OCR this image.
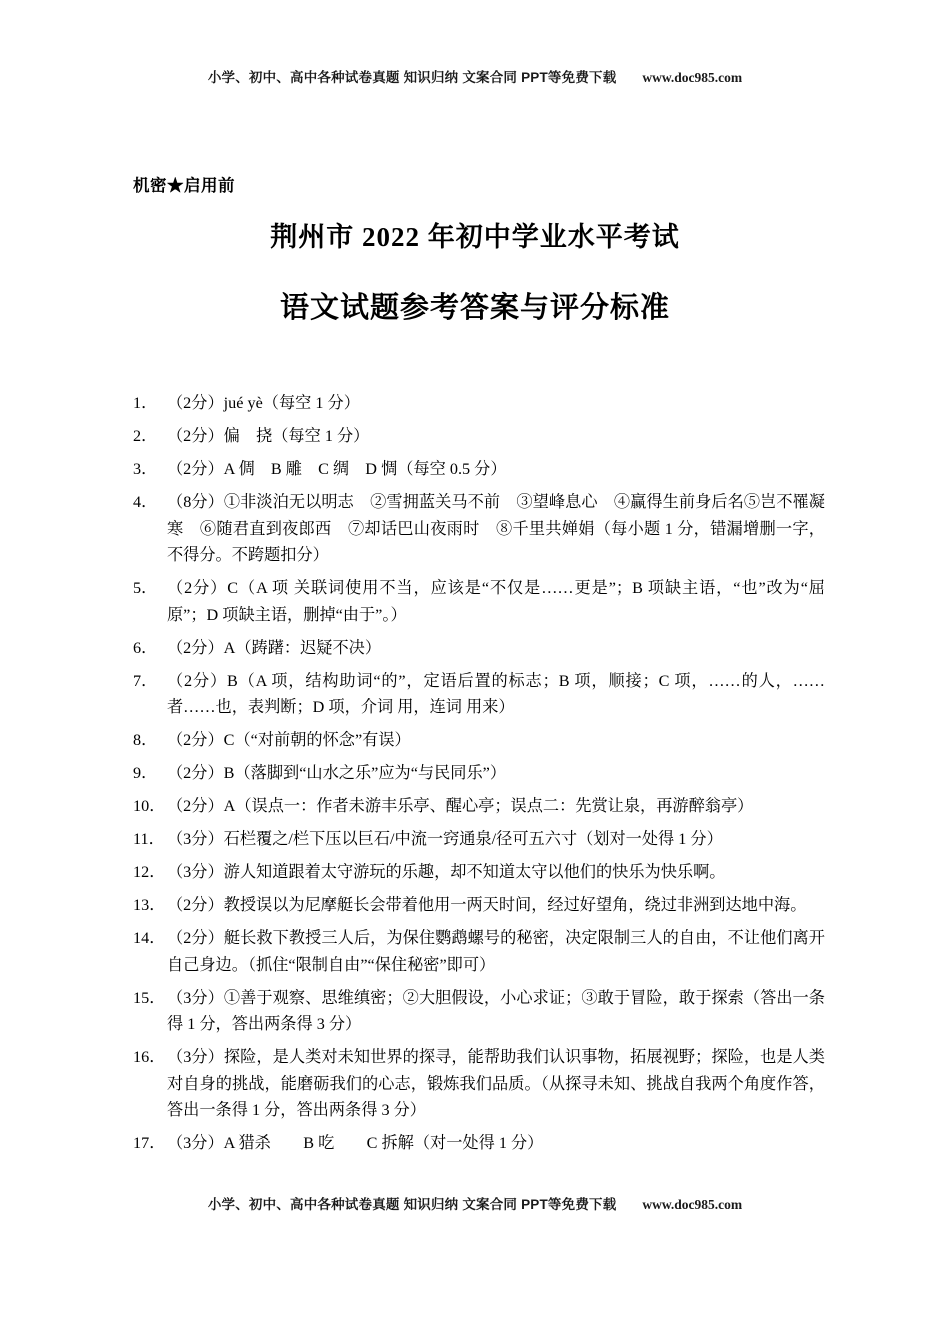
小学、初中、高中各种试卷真题 知识归纳 文案合同 PPT等免费下载 www.doc985.com
机密★启用前
荆州市 2022 年初中学业水平考试
语文试题参考答案与评分标准
1． （2分）jué yè（每空 1 分）
2． （2分）偏　挠（每空 1 分）
3． （2分）A 倜　B 雕　C 绸　D 惆（每空 0.5 分）
4． （8分）①非淡泊无以明志　②雪拥蓝关马不前　③望峰息心　④赢得生前身后名⑤岂不罹凝寒　⑥随君直到夜郎西　⑦却话巴山夜雨时　⑧千里共婵娟（每小题 1 分，错漏增删一字，不得分。不跨题扣分）
5． （2分）C（A 项 关联词使用不当，应该是“不仅是……更是”；B 项缺主语，“也”改为“屈原”；D 项缺主语，删掉“由于”。）
6． （2分）A（踌躇：迟疑不决）
7． （2分）B（A 项，结构助词“的”，定语后置的标志；B 项，顺接；C 项，……的人，……者……也，表判断；D 项，介词 用，连词 用来）
8． （2分）C（“对前朝的怀念”有误）
9． （2分）B（落脚到“山水之乐”应为“与民同乐”）
10． （2分）A（误点一：作者未游丰乐亭、醒心亭；误点二：先赏让泉，再游醉翁亭）
11． （3分）石栏覆之/栏下压以巨石/中流一窍通泉/径可五六寸（划对一处得 1 分）
12． （3分）游人知道跟着太守游玩的乐趣，却不知道太守以他们的快乐为快乐啊。
13． （2分）教授误以为尼摩艇长会带着他用一两天时间，经过好望角，绕过非洲到达地中海。
14． （2分）艇长救下教授三人后，为保住鹦鹉螺号的秘密，决定限制三人的自由，不让他们离开自己身边。（抓住“限制自由”“保住秘密”即可）
15． （3分）①善于观察、思维缜密；②大胆假设，小心求证；③敢于冒险，敢于探索（答出一条得 1 分，答出两条得 3 分）
16． （3分）探险，是人类对未知世界的探寻，能帮助我们认识事物，拓展视野；探险，也是人类对自身的挑战，能磨砺我们的心志，锻炼我们品质。（从探寻未知、挑战自我两个角度作答，答出一条得 1 分，答出两条得 3 分）
17． （3分）A 猎杀　　B 吃　　C 拆解（对一处得 1 分）
小学、初中、高中各种试卷真题 知识归纳 文案合同 PPT等免费下载 www.doc985.com
